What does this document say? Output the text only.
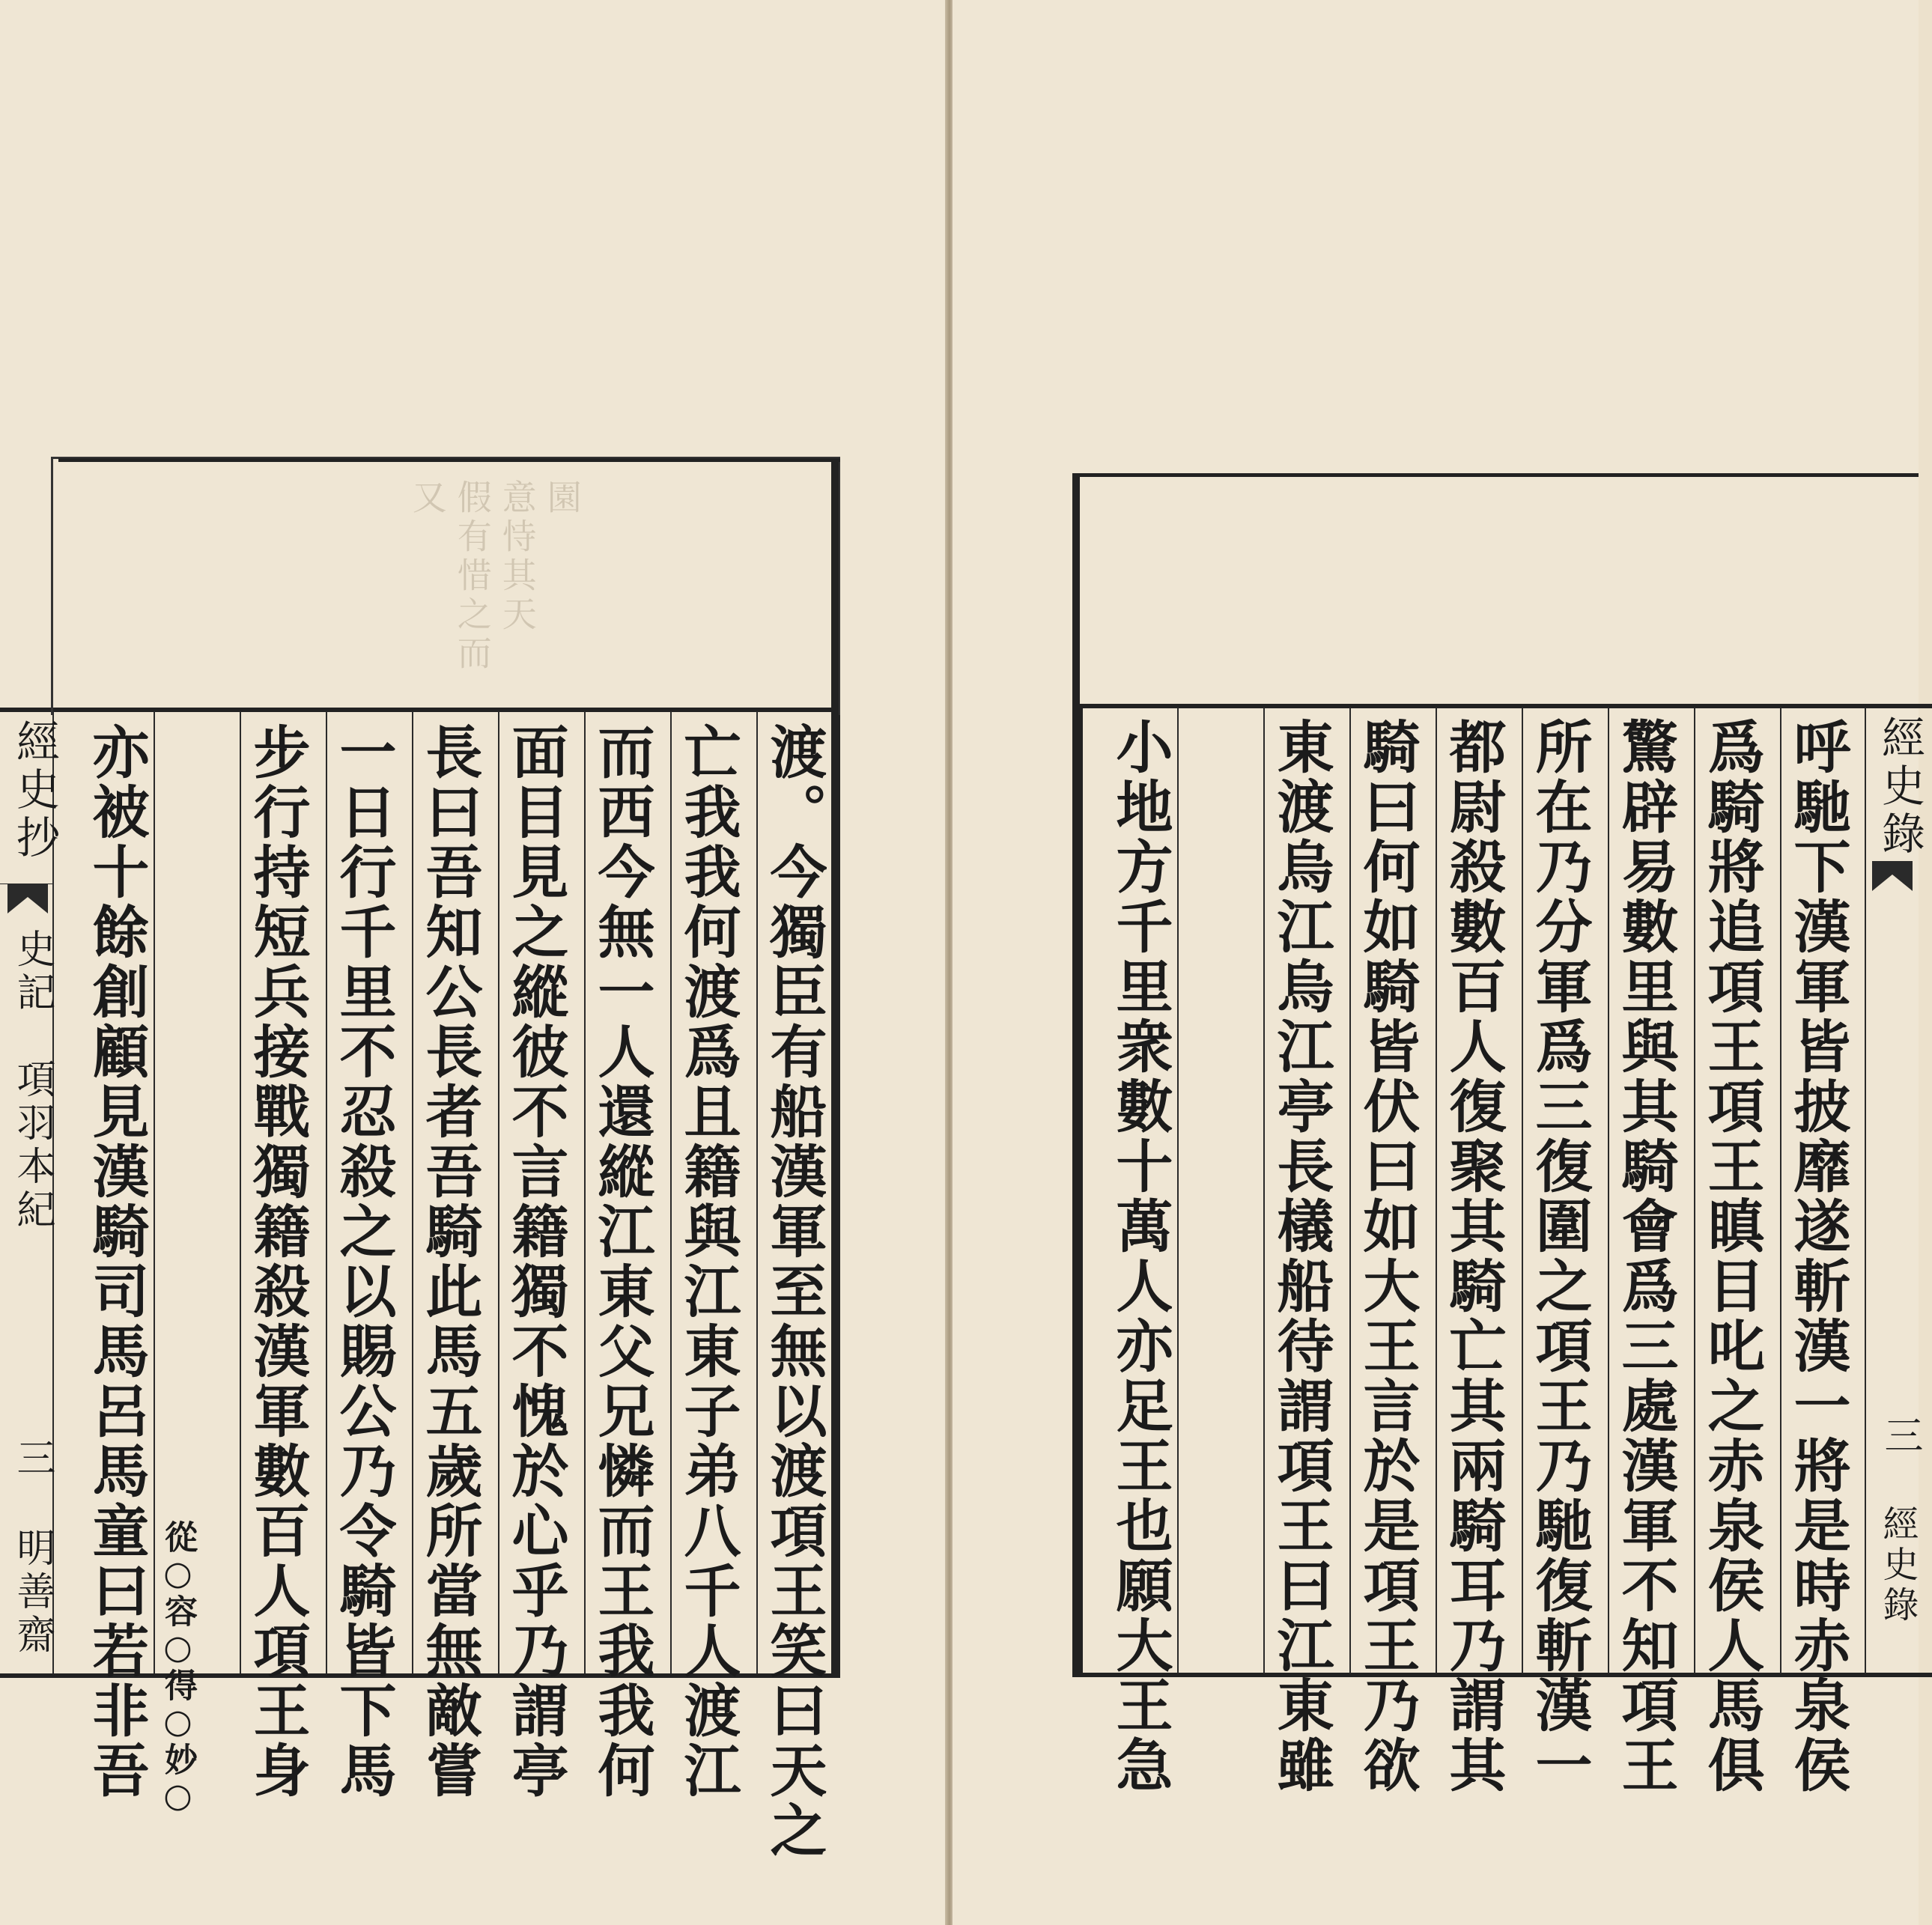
又 假有惜之而 意恃其天 園
經史抄
史記　項羽本紀
三
明善齋	渡。今獨臣有船漢軍至無以渡項王笑曰天之
亡我我何渡爲且籍與江東子弟八千人渡江
而西今無一人還縱江東父兄憐而王我我何
面目見之縱彼不言籍獨不愧於心乎乃謂亭
長曰吾知公長者吾騎此馬五歲所當無敵嘗
一日行千里不忍殺之以賜公乃令騎皆下馬
步行持短兵接戰獨籍殺漢軍數百人項王身
亦被十餘創顧見漢騎司馬呂馬童曰若非吾 從○容○得○妙○	呼馳下漢軍皆披靡遂斬漢一將是時赤泉侯
爲騎將追項王項王瞋目叱之赤泉侯人馬俱
驚辟易數里與其騎會爲三處漢軍不知項王
所在乃分軍爲三復圍之項王乃馳復斬漢一
都尉殺數百人復聚其騎亡其兩騎耳乃謂其
騎曰何如騎皆伏曰如大王言於是項王乃欲
東渡烏江烏江亭長檥船待謂項王曰江東雖
小地方千里衆數十萬人亦足王也願大王急	經史錄
三
經史錄
